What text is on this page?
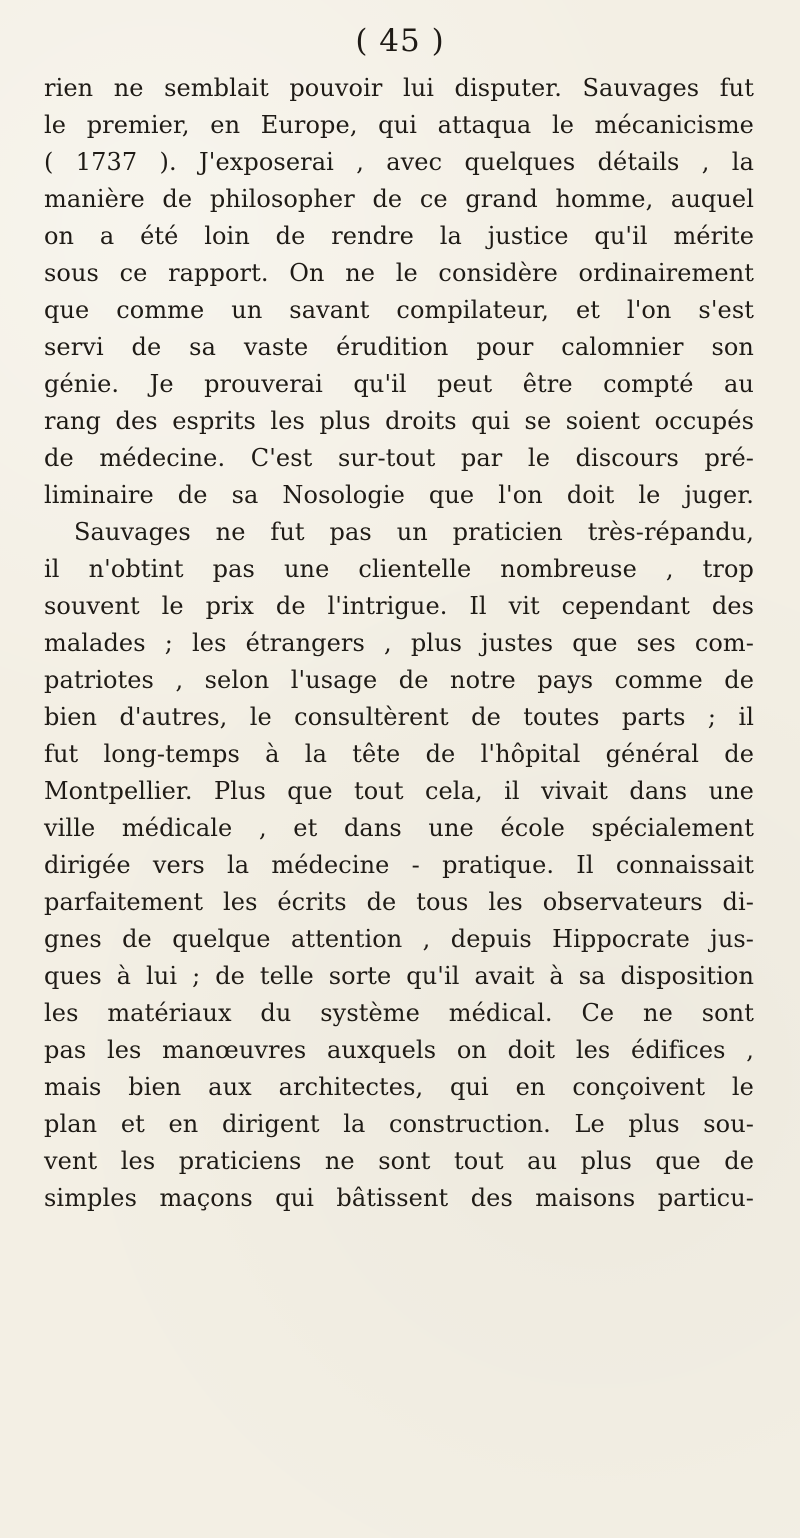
( 45 )
rien ne semblait pouvoir lui disputer. Sauvages fut
le premier, en Europe, qui attaqua le mécanicisme
( 1737 ). J'exposerai , avec quelques détails , la
manière de philosopher de ce grand homme, auquel
on a été loin de rendre la justice qu'il mérite
sous ce rapport. On ne le considère ordinairement
que comme un savant compilateur, et l'on s'est
servi de sa vaste érudition pour calomnier son
génie. Je prouverai qu'il peut être compté au
rang des esprits les plus droits qui se soient occupés
de médecine. C'est sur-tout par le discours pré-
liminaire de sa Nosologie que l'on doit le juger.
Sauvages ne fut pas un praticien très-répandu,
il n'obtint pas une clientelle nombreuse , trop
souvent le prix de l'intrigue. Il vit cependant des
malades ; les étrangers , plus justes que ses com-
patriotes , selon l'usage de notre pays comme de
bien d'autres, le consultèrent de toutes parts ; il
fut long-temps à la tête de l'hôpital général de
Montpellier. Plus que tout cela, il vivait dans une
ville médicale , et dans une école spécialement
dirigée vers la médecine - pratique. Il connaissait
parfaitement les écrits de tous les observateurs di-
gnes de quelque attention , depuis Hippocrate jus-
ques à lui ; de telle sorte qu'il avait à sa disposition
les matériaux du système médical. Ce ne sont
pas les manœuvres auxquels on doit les édifices ,
mais bien aux architectes, qui en conçoivent le
plan et en dirigent la construction. Le plus sou-
vent les praticiens ne sont tout au plus que de
simples maçons qui bâtissent des maisons particu-
